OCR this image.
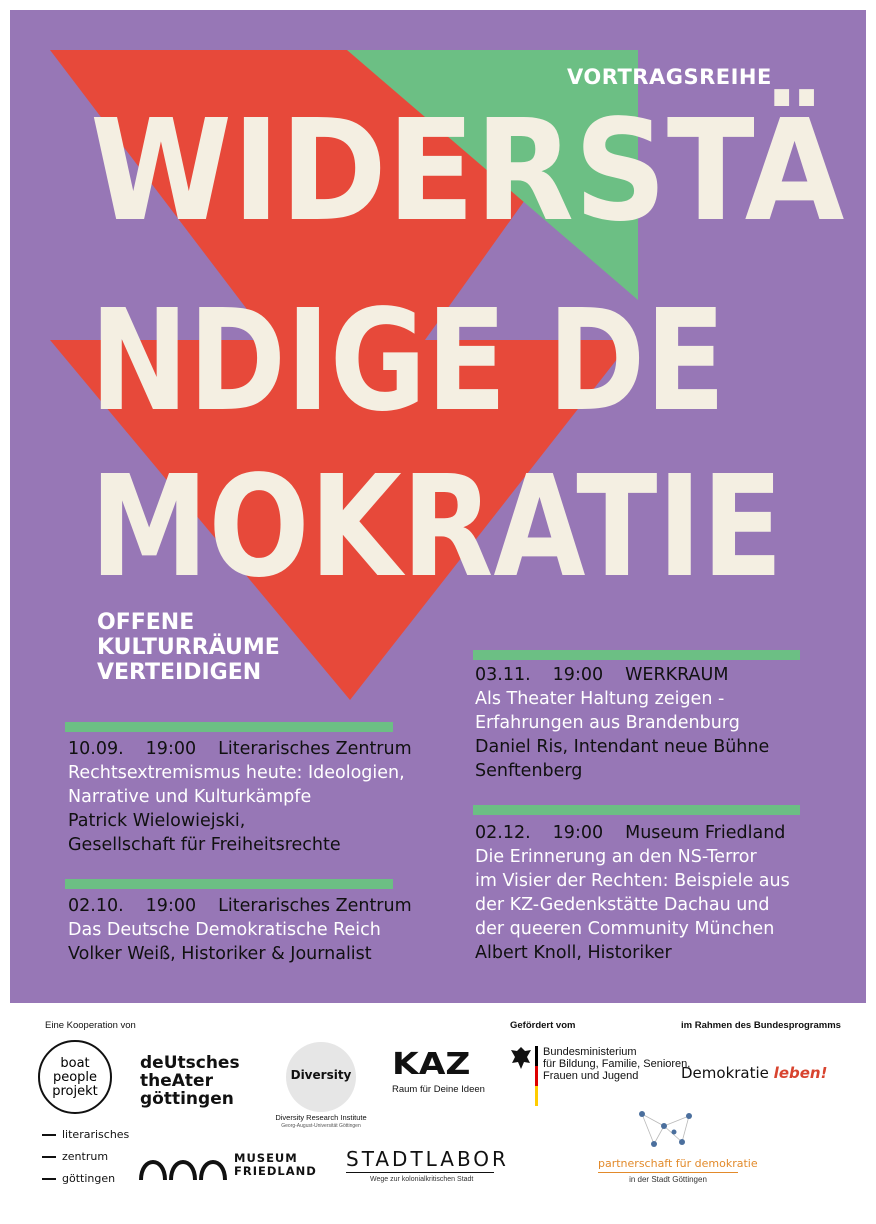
VORTRAGSREIHE
WIDERSTÄ
NDIGE DE
MOKRATIE
OFFENE
KULTURRÄUME
VERTEIDIGEN
10.09. 19:00 Literarisches Zentrum
Rechtsextremismus heute: Ideologien,
Narrative und Kulturkämpfe
Patrick Wielowiejski,
Gesellschaft für Freiheitsrechte
02.10. 19:00 Literarisches Zentrum
Das Deutsche Demokratische Reich
Volker Weiß, Historiker & Journalist
03.11. 19:00 WERKRAUM
Als Theater Haltung zeigen -
Erfahrungen aus Brandenburg
Daniel Ris, Intendant neue Bühne
Senftenberg
02.12. 19:00 Museum Friedland
Die Erinnerung an den NS-Terror
im Visier der Rechten: Beispiele aus
der KZ-Gedenkstätte Dachau und
der queeren Community München
Albert Knoll, Historiker
Eine Kooperation von	Gefördert vom	im Rahmen des Bundesprogramms
boat
people
projekt
deUtsches
theAter
göttingen
Diversity
Diversity Research Institute
Georg-August-Universität Göttingen
KAZ
Raum für Deine Ideen
Bundesministerium
für Bildung, Familie, Senioren,
Frauen und Jugend	Demokratie leben!
literarisches
zentrum
göttingen
MUSEUM
FRIEDLAND STADTLABOR
Wege zur kolonialkritischen Stadt
partnerschaft für demokratie
in der Stadt Göttingen
